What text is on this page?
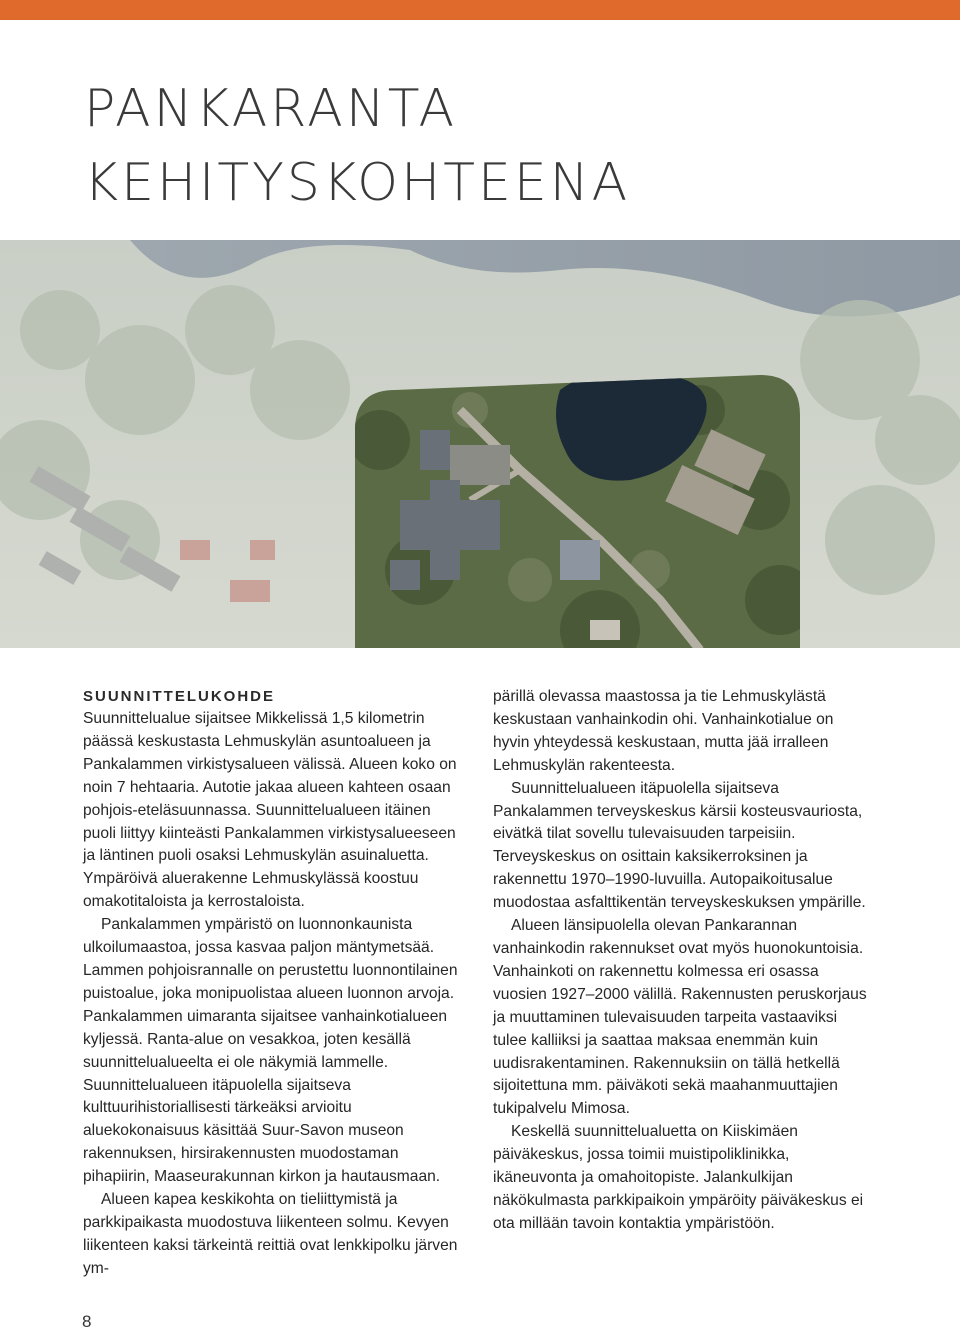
PANKARANTA
KEHITYSKOHTEENA

SUUNNITTELUKOHDE

Suunnittelualue sijaitsee Mikkelissä 1,5 kilometrin päässä keskustasta Lehmuskylän asuntoalueen ja Pankalammen virkistysalueen välissä. Alueen koko on noin 7 hehtaaria. Autotie jakaa alueen kahteen osaan pohjois-eteläsuunnassa. Suunnittelualueen itäinen puoli liittyy kiinteästi Pankalammen virkistysalueeseen ja läntinen puoli osaksi Lehmuskylän asuinaluetta. Ympäröivä aluerakenne Lehmuskylässä koostuu omakotitaloista ja kerrostaloista.

Pankalammen ympäristö on luonnonkaunista ulkoilumaastoa, jossa kasvaa paljon mäntymetsää. Lammen pohjoisrannalle on perustettu luonnontilainen puistoalue, joka monipuolistaa alueen luonnon arvoja. Pankalammen uimaranta sijaitsee vanhainkotialueen kyljessä. Ranta-alue on vesakkoa, joten kesällä suunnittelualueelta ei ole näkymiä lammelle. Suunnittelualueen itäpuolella sijaitseva kulttuurihistoriallisesti tärkeäksi arvioitu aluekokonaisuus käsittää Suur-Savon museon rakennuksen, hirsirakennusten muodostaman pihapiirin, Maaseurakunnan kirkon ja hautausmaan.

Alueen kapea keskikohta on tieliittymistä ja parkkipaikasta muodostuva liikenteen solmu. Kevyen liikenteen kaksi tärkeintä reittiä ovat lenkkipolku järven ym-

pärillä olevassa maastossa ja tie Lehmuskylästä keskustaan vanhainkodin ohi. Vanhainkotialue on hyvin yhteydessä keskustaan, mutta jää irralleen Lehmuskylän rakenteesta.

Suunnittelualueen itäpuolella sijaitseva Pankalammen terveyskeskus kärsii kosteusvauriosta, eivätkä tilat sovellu tulevaisuuden tarpeisiin. Terveyskeskus on osittain kaksikerroksinen ja rakennettu 1970–1990-luvuilla. Autopaikoitusalue muodostaa asfalttikentän terveyskeskuksen ympärille.

Alueen länsipuolella olevan Pankarannan vanhainkodin rakennukset ovat myös huonokuntoisia. Vanhainkoti on rakennettu kolmessa eri osassa vuosien 1927–2000 välillä. Rakennusten peruskorjaus ja muuttaminen tulevaisuuden tarpeita vastaaviksi tulee kalliiksi ja saattaa maksaa enemmän kuin uudisrakentaminen. Rakennuksiin on tällä hetkellä sijoitettuna mm. päiväkoti sekä maahanmuuttajien tukipalvelu Mimosa.

Keskellä suunnittelualuetta on Kiiskimäen päiväkeskus, jossa toimii muistipoliklinikka, ikäneuvonta ja omahoitopiste. Jalankulkijan näkökulmasta parkkipaikoin ympäröity päiväkeskus ei ota millään tavoin kontaktia ympäristöön.

8
